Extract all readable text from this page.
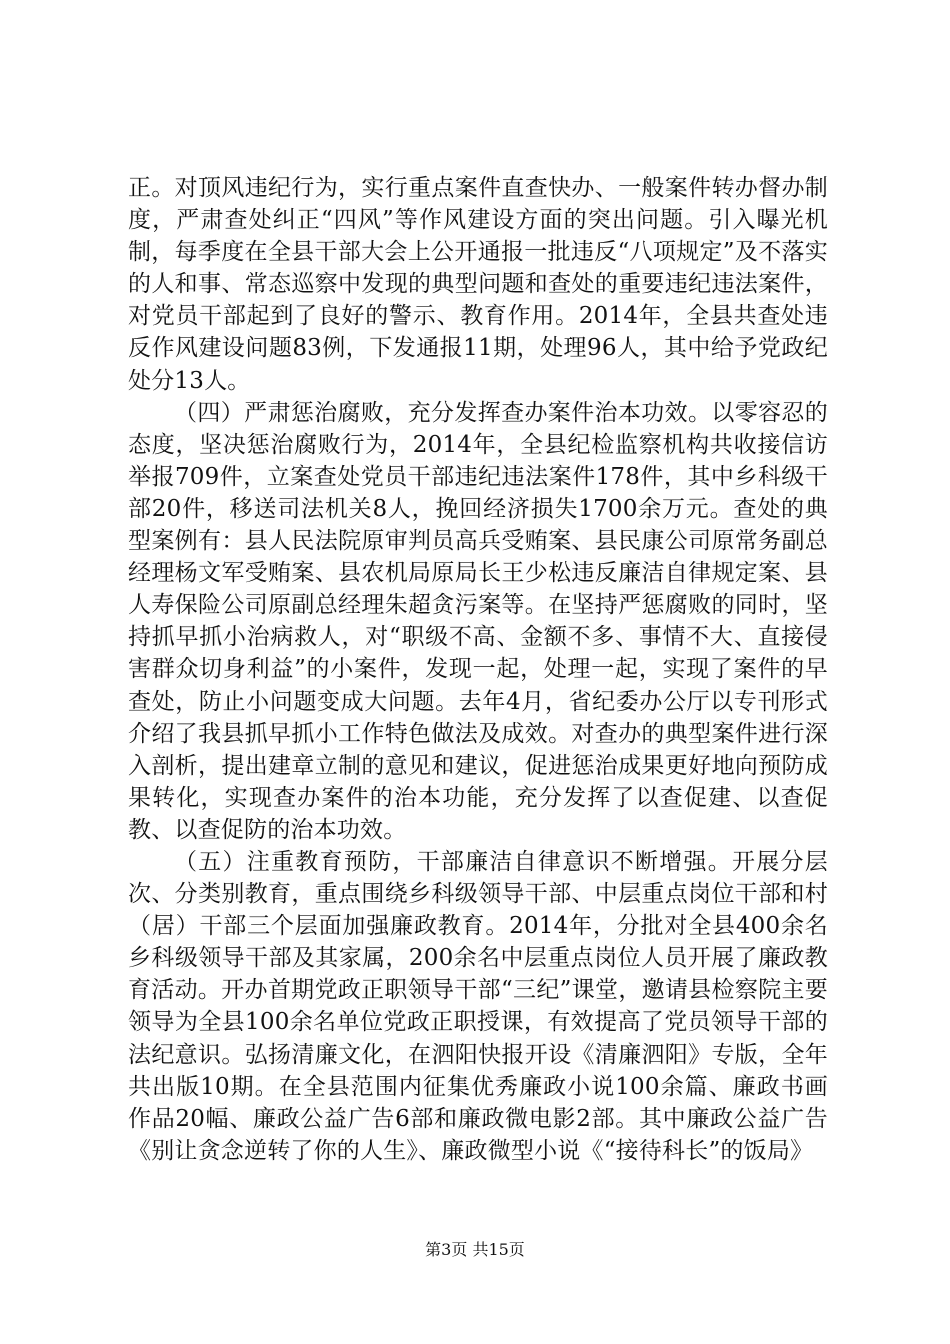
正。对顶风违纪行为，实行重点案件直查快办、一般案件转办督办制度，严肃查处纠正“四风”等作风建设方面的突出问题。引入曝光机制，每季度在全县干部大会上公开通报一批违反“八项规定”及不落实的人和事、常态巡察中发现的典型问题和查处的重要违纪违法案件，对党员干部起到了良好的警示、教育作用。2014年，全县共查处违反作风建设问题83例，下发通报11期，处理96人，其中给予党政纪处分13人。

（四）严肃惩治腐败，充分发挥查办案件治本功效。以零容忍的态度，坚决惩治腐败行为，2014年，全县纪检监察机构共收接信访举报709件，立案查处党员干部违纪违法案件178件，其中乡科级干部20件，移送司法机关8人，挽回经济损失1700余万元。查处的典型案例有：县人民法院原审判员高兵受贿案、县民康公司原常务副总经理杨文军受贿案、县农机局原局长王少松违反廉洁自律规定案、县人寿保险公司原副总经理朱超贪污案等。在坚持严惩腐败的同时，坚持抓早抓小治病救人，对“职级不高、金额不多、事情不大、直接侵害群众切身利益”的小案件，发现一起，处理一起，实现了案件的早查处，防止小问题变成大问题。去年4月，省纪委办公厅以专刊形式介绍了我县抓早抓小工作特色做法及成效。对查办的典型案件进行深入剖析，提出建章立制的意见和建议，促进惩治成果更好地向预防成果转化，实现查办案件的治本功能，充分发挥了以查促建、以查促教、以查促防的治本功效。

（五）注重教育预防，干部廉洁自律意识不断增强。开展分层次、分类别教育，重点围绕乡科级领导干部、中层重点岗位干部和村（居）干部三个层面加强廉政教育。2014年，分批对全县400余名乡科级领导干部及其家属，200余名中层重点岗位人员开展了廉政教育活动。开办首期党政正职领导干部“三纪”课堂，邀请县检察院主要领导为全县100余名单位党政正职授课，有效提高了党员领导干部的法纪意识。弘扬清廉文化，在泗阳快报开设《清廉泗阳》专版，全年共出版10期。在全县范围内征集优秀廉政小说100余篇、廉政书画作品20幅、廉政公益广告6部和廉政微电影2部。其中廉政公益广告《别让贪念逆转了你的人生》、廉政微型小说《“接待科长”的饭局》

第3页 共15页
